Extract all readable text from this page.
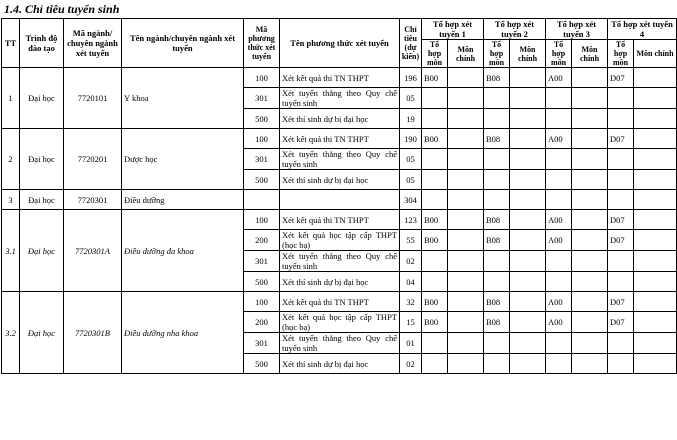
1.4. Chỉ tiêu tuyển sinh
TT	Trình độ đào tạo	Mã ngành/ chuyên ngành xét tuyển	Tên ngành/chuyên ngành xét tuyển	Mã phương thức xét tuyển	Tên phương thức xét tuyển	Chỉ tiêu (dự kiến)	Tổ hợp xét tuyển 1		Tổ hợp xét tuyển 2		Tổ hợp xét tuyển 3		Tổ hợp xét tuyển 4	
							Tổ hợp môn	Môn chính	Tổ hợp môn	Môn chính	Tổ hợp môn	Môn chính	Tổ hợp môn	Môn chính
1	Đại học	7720101	Y khoa	100	Xét kết quả thi TN THPT	196	B00		B08		A00		D07	
				301	Xét tuyển thẳng theo Quy chế tuyển sinh	05								
				500	Xét thí sinh dự bị đại học	19								
2	Đại học	7720201	Dược học	100	Xét kết quả thi TN THPT	190	B00		B08		A00		D07	
				301	Xét tuyển thẳng theo Quy chế tuyển sinh	05								
				500	Xét thí sinh dự bị đại học	05								
3	Đại học	7720301	Điều dưỡng			304								
3.1	Đại học	7720301A	Điều dưỡng đa khoa	100	Xét kết quả thi TN THPT	123	B00		B08		A00		D07	
				200	Xét kết quả học tập cấp THPT (học bạ)	55	B00		B08		A00		D07	
				301	Xét tuyển thẳng theo Quy chế tuyển sinh	02								
				500	Xét thí sinh dự bị đại học	04								
3.2	Đại học	7720301B	Điều dưỡng nha khoa	100	Xét kết quả thi TN THPT	32	B00		B08		A00		D07	
				200	Xét kết quả học tập cấp THPT (học bạ)	15	B00		B08		A00		D07	
				301	Xét tuyển thẳng theo Quy chế tuyển sinh	01								
				500	Xét thí sinh dự bị đại học	02								
